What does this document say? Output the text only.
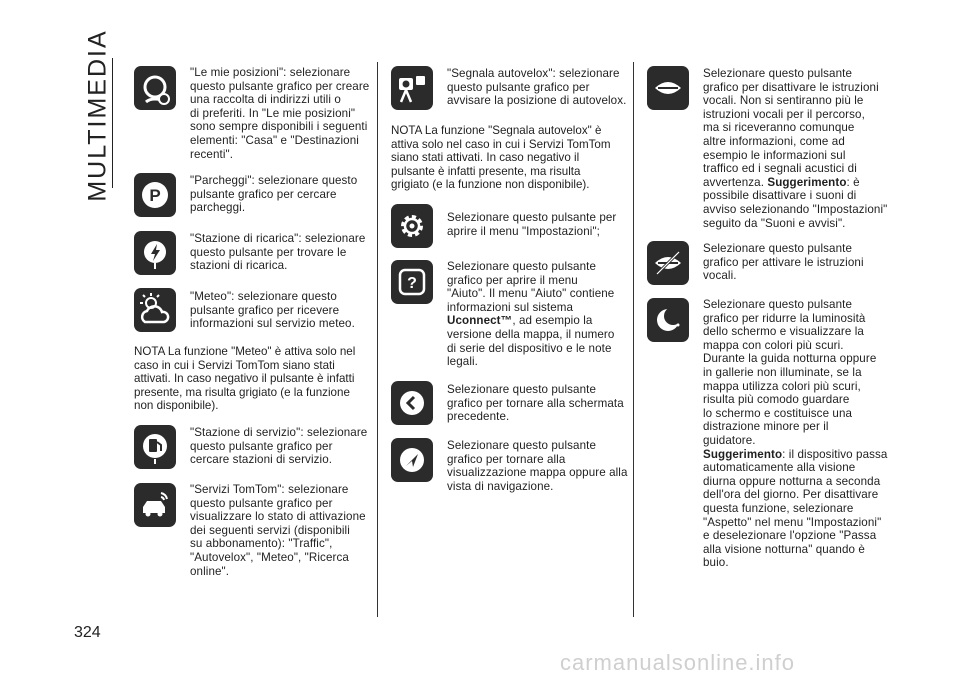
MULTIMEDIA
324
carmanualsonline.info
"Le mie posizioni": selezionare
questo pulsante grafico per creare
una raccolta di indirizzi utili o
di preferiti. In "Le mie posizioni"
sono sempre disponibili i seguenti
elementi: "Casa" e "Destinazioni
recenti".
P
"Parcheggi": selezionare questo
pulsante grafico per cercare
parcheggi.
"Stazione di ricarica": selezionare
questo pulsante per trovare le
stazioni di ricarica.
"Meteo": selezionare questo
pulsante grafico per ricevere
informazioni sul servizio meteo.
NOTA La funzione "Meteo" è attiva solo nel
caso in cui i Servizi TomTom siano stati
attivati. In caso negativo il pulsante è infatti
presente, ma risulta grigiato (e la funzione
non disponibile).
"Stazione di servizio": selezionare
questo pulsante grafico per
cercare stazioni di servizio.
"Servizi TomTom": selezionare
questo pulsante grafico per
visualizzare lo stato di attivazione
dei seguenti servizi (disponibili
su abbonamento): "Traffic",
"Autovelox", "Meteo", "Ricerca
online".
"Segnala autovelox": selezionare
questo pulsante grafico per
avvisare la posizione di autovelox.
NOTA La funzione "Segnala autovelox" è
attiva solo nel caso in cui i Servizi TomTom
siano stati attivati. In caso negativo il
pulsante è infatti presente, ma risulta
grigiato (e la funzione non disponibile).
Selezionare questo pulsante per
aprire il menu "Impostazioni";
?
Selezionare questo pulsante
grafico per aprire il menu
"Aiuto". Il menu "Aiuto" contiene
informazioni sul sistema
Uconnect™, ad esempio la
versione della mappa, il numero
di serie del dispositivo e le note
legali.
Selezionare questo pulsante
grafico per tornare alla schermata
precedente.
Selezionare questo pulsante
grafico per tornare alla
visualizzazione mappa oppure alla
vista di navigazione.
Selezionare questo pulsante
grafico per disattivare le istruzioni
vocali. Non si sentiranno più le
istruzioni vocali per il percorso,
ma si riceveranno comunque
altre informazioni, come ad
esempio le informazioni sul
traffico ed i segnali acustici di
avvertenza. Suggerimento: è
possibile disattivare i suoni di
avviso selezionando "Impostazioni"
seguito da "Suoni e avvisi".
Selezionare questo pulsante
grafico per attivare le istruzioni
vocali.
Selezionare questo pulsante
grafico per ridurre la luminosità
dello schermo e visualizzare la
mappa con colori più scuri.
Durante la guida notturna oppure
in gallerie non illuminate, se la
mappa utilizza colori più scuri,
risulta più comodo guardare
lo schermo e costituisce una
distrazione minore per il
guidatore.
Suggerimento: il dispositivo passa
automaticamente alla visione
diurna oppure notturna a seconda
dell'ora del giorno. Per disattivare
questa funzione, selezionare
"Aspetto" nel menu "Impostazioni"
e deselezionare l'opzione "Passa
alla visione notturna" quando è
buio.
